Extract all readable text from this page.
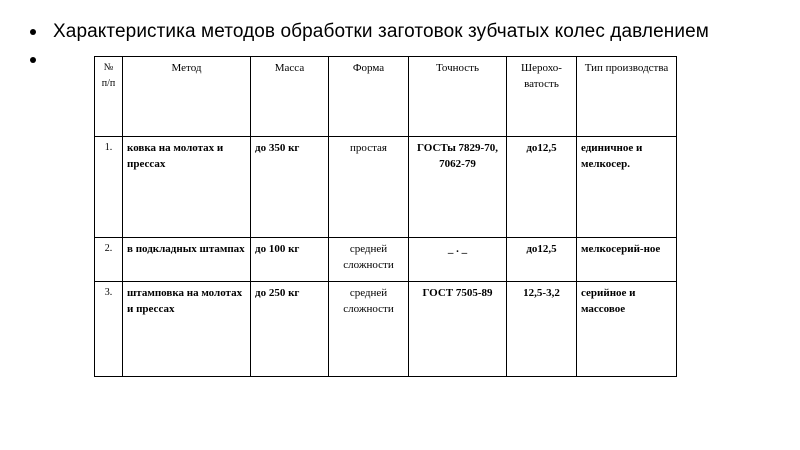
Характеристика методов обработки заготовок зубчатых колес давлением
№ п/п	Метод	Масса	Форма	Точность	Шерохо-ватость	Тип производства
1.	ковка на молотах и прессах	до 350 кг	простая	ГОСТы 7829-70, 7062-79	до12,5	единичное и мелкосер.
2.	в подкладных штампах	до 100 кг	средней сложности	_ . _	до12,5	мелкосерий-ное
3.	штамповка на молотах и прессах	до 250 кг	средней сложности	ГОСТ 7505-89	12,5-3,2	серийное и массовое
